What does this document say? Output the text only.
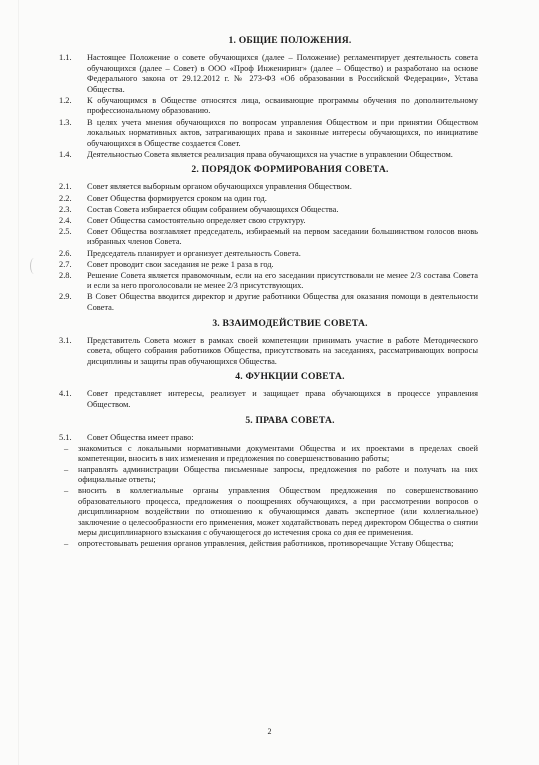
1. ОБЩИЕ ПОЛОЖЕНИЯ.
1.1.	Настоящее Положение о совете обучающихся (далее – Положение) регламентирует деятельность совета обучающихся (далее – Совет) в ООО «Проф Инжениринг» (далее – Общество) и разработано на основе Федерального закона от 29.12.2012 г. № 273-ФЗ «Об образовании в Российской Федерации», Устава Общества.
1.2.	К обучающимся в Обществе относятся лица, осваивающие программы обучения по дополнительному профессиональному образованию.
1.3.	В целях учета мнения обучающихся по вопросам управления Обществом и при принятии Обществом локальных нормативных актов, затрагивающих права и законные интересы обучающихся, по инициативе обучающихся в Обществе создается Совет.
1.4.	Деятельностью Совета является реализация права обучающихся на участие в управлении Обществом.
2. ПОРЯДОК ФОРМИРОВАНИЯ СОВЕТА.
2.1.	Совет является выборным органом обучающихся управления Обществом.
2.2.	Совет Общества формируется сроком на один год.
2.3.	Состав Совета избирается общим собранием обучающихся Общества.
2.4.	Совет Общества самостоятельно определяет свою структуру.
2.5.	Совет Общества возглавляет председатель, избираемый на первом заседании большинством голосов вновь избранных членов Совета.
2.6.	Председатель планирует и организует деятельность Совета.
2.7.	Совет проводит свои заседания не реже 1 раза в год.
2.8.	Решение Совета является правомочным, если на его заседании присутствовали не менее 2/3 состава Совета и если за него проголосовали не менее 2/3 присутствующих.
2.9.	В Совет Общества вводится директор и другие работники Общества для оказания помощи в деятельности Совета.
3. ВЗАИМОДЕЙСТВИЕ СОВЕТА.
3.1.	Представитель Совета может в рамках своей компетенции принимать участие в работе Методического совета, общего собрания работников Общества, присутствовать на заседаниях, рассматривающих вопросы дисциплины и защиты прав обучающихся Общества.
4. ФУНКЦИИ СОВЕТА.
4.1.	Совет представляет интересы, реализует и защищает права обучающихся в процессе управления Обществом.
5. ПРАВА СОВЕТА.
5.1.	Совет Общества имеет право:
–	знакомиться с локальными нормативными документами Общества и их проектами в пределах своей компетенции, вносить в них изменения и предложения по совершенствованию работы;
–	направлять администрации Общества письменные запросы, предложения по работе и получать на них официальные ответы;
–	вносить в коллегиальные органы управления Обществом предложения по совершенствованию образовательного процесса, предложения о поощрениях обучающихся, а при рассмотрении вопросов о дисциплинарном воздействии по отношению к обучающимся давать экспертное (или коллегиальное) заключение о целесообразности его применения, может ходатайствовать перед директором Общества о снятии меры дисциплинарного взыскания с обучающегося до истечения срока со дня ее применения.
–	опротестовывать решения органов управления, действия работников, противоречащие Уставу Общества;
2
